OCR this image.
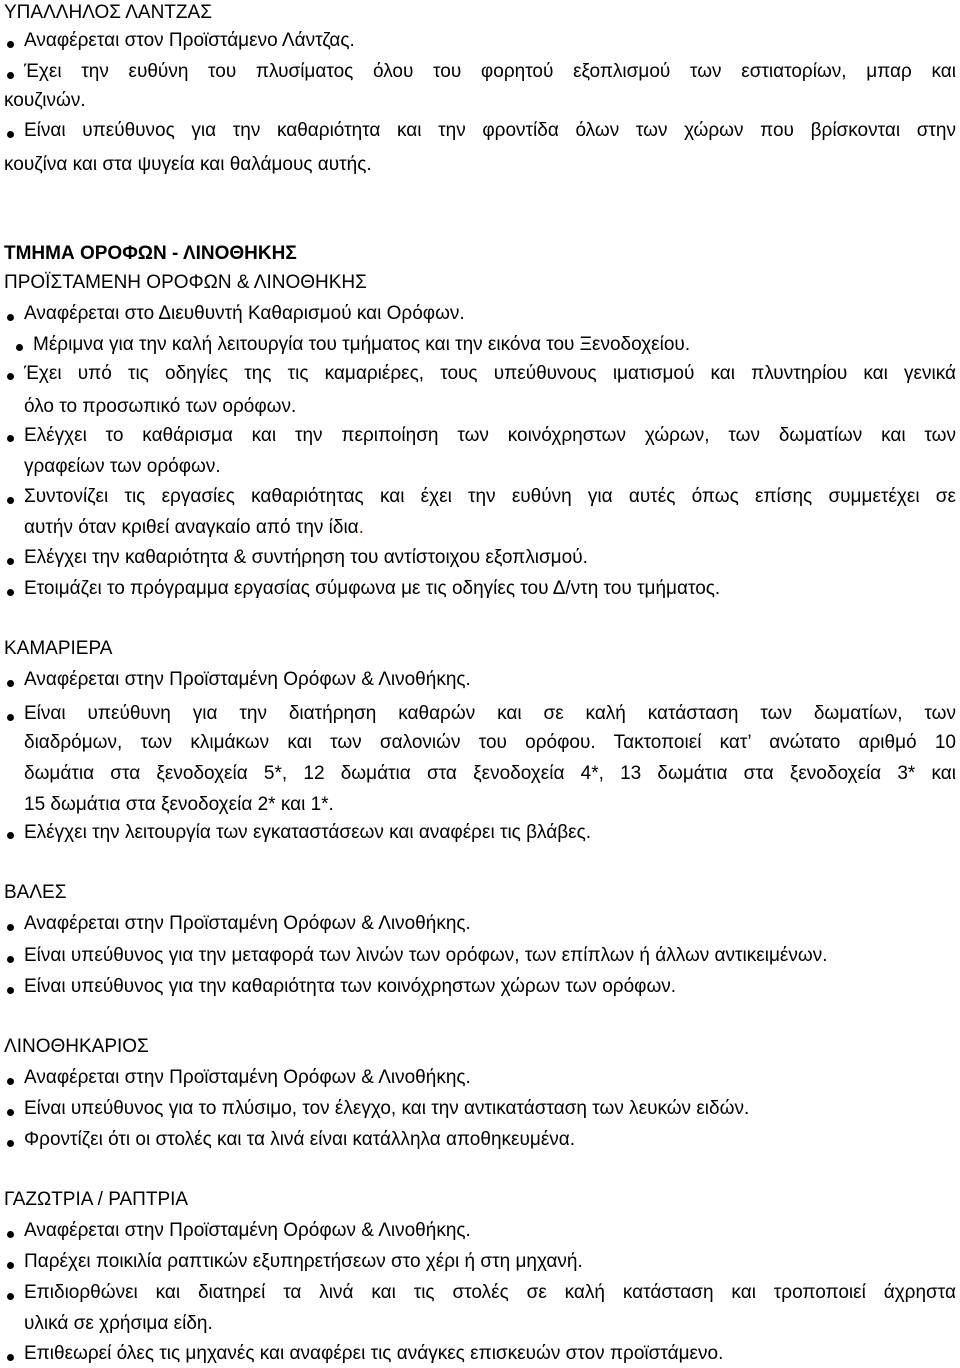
ΥΠΑΛΛΗΛΟΣ ΛΑΝΤΖΑΣ
Αναφέρεται στον Προϊστάμενο Λάντζας.
Έχει την ευθύνη του πλυσίματος όλου του φορητού εξοπλισμού των εστιατορίων, μπαρ και
κουζινών.
Είναι υπεύθυνος για την καθαριότητα και την φροντίδα όλων των χώρων που βρίσκονται στην
κουζίνα και στα ψυγεία και θαλάμους αυτής.
ΤΜΗΜΑ ΟΡΟΦΩΝ - ΛΙΝΟΘΗΚΗΣ
ΠΡΟΪΣΤΑΜΕΝΗ ΟΡΟΦΩΝ & ΛΙΝΟΘΗΚΗΣ
Αναφέρεται στο Διευθυντή Καθαρισμού και Ορόφων.
Μέριμνα για την καλή λειτουργία του τμήματος και την εικόνα του Ξενοδοχείου.
Έχει υπό τις οδηγίες της τις καμαριέρες, τους υπεύθυνους ιματισμού και πλυντηρίου και γενικά
όλο το προσωπικό των ορόφων.
Ελέγχει το καθάρισμα και την περιποίηση των κοινόχρηστων χώρων, των δωματίων και των
γραφείων των ορόφων.
Συντονίζει τις εργασίες καθαριότητας και έχει την ευθύνη για αυτές όπως επίσης συμμετέχει σε
αυτήν όταν κριθεί αναγκαίο από την ίδια.
Ελέγχει την καθαριότητα & συντήρηση του αντίστοιχου εξοπλισμού.
Ετοιμάζει το πρόγραμμα εργασίας σύμφωνα με τις οδηγίες του Δ/ντη του τμήματος.
ΚΑΜΑΡΙΕΡΑ
Αναφέρεται στην Προϊσταμένη Ορόφων & Λινοθήκης.
Είναι υπεύθυνη για την διατήρηση καθαρών και σε καλή κατάσταση των δωματίων, των
διαδρόμων, των κλιμάκων και των σαλονιών του ορόφου. Τακτοποιεί κατ’ ανώτατο αριθμό 10
δωμάτια στα ξενοδοχεία 5*, 12 δωμάτια στα ξενοδοχεία 4*, 13 δωμάτια στα ξενοδοχεία 3* και
15 δωμάτια στα ξενοδοχεία 2* και 1*.
Ελέγχει την λειτουργία των εγκαταστάσεων και αναφέρει τις βλάβες.
ΒΑΛΕΣ
Αναφέρεται στην Προϊσταμένη Ορόφων & Λινοθήκης.
Είναι υπεύθυνος για την μεταφορά των λινών των ορόφων, των επίπλων ή άλλων αντικειμένων.
Είναι υπεύθυνος για την καθαριότητα των κοινόχρηστων χώρων των ορόφων.
ΛΙΝΟΘΗΚΑΡΙΟΣ
Αναφέρεται στην Προϊσταμένη Ορόφων & Λινοθήκης.
Είναι υπεύθυνος για το πλύσιμο, τον έλεγχο, και την αντικατάσταση των λευκών ειδών.
Φροντίζει ότι οι στολές και τα λινά είναι κατάλληλα αποθηκευμένα.
ΓΑΖΩΤΡΙΑ / ΡΑΠΤΡΙΑ
Αναφέρεται στην Προϊσταμένη Ορόφων & Λινοθήκης.
Παρέχει ποικιλία ραπτικών εξυπηρετήσεων στο χέρι ή στη μηχανή.
Επιδιορθώνει και διατηρεί τα λινά και τις στολές σε καλή κατάσταση και τροποποιεί άχρηστα
υλικά σε χρήσιμα είδη.
Επιθεωρεί όλες τις μηχανές και αναφέρει τις ανάγκες επισκευών στον προϊστάμενο.
